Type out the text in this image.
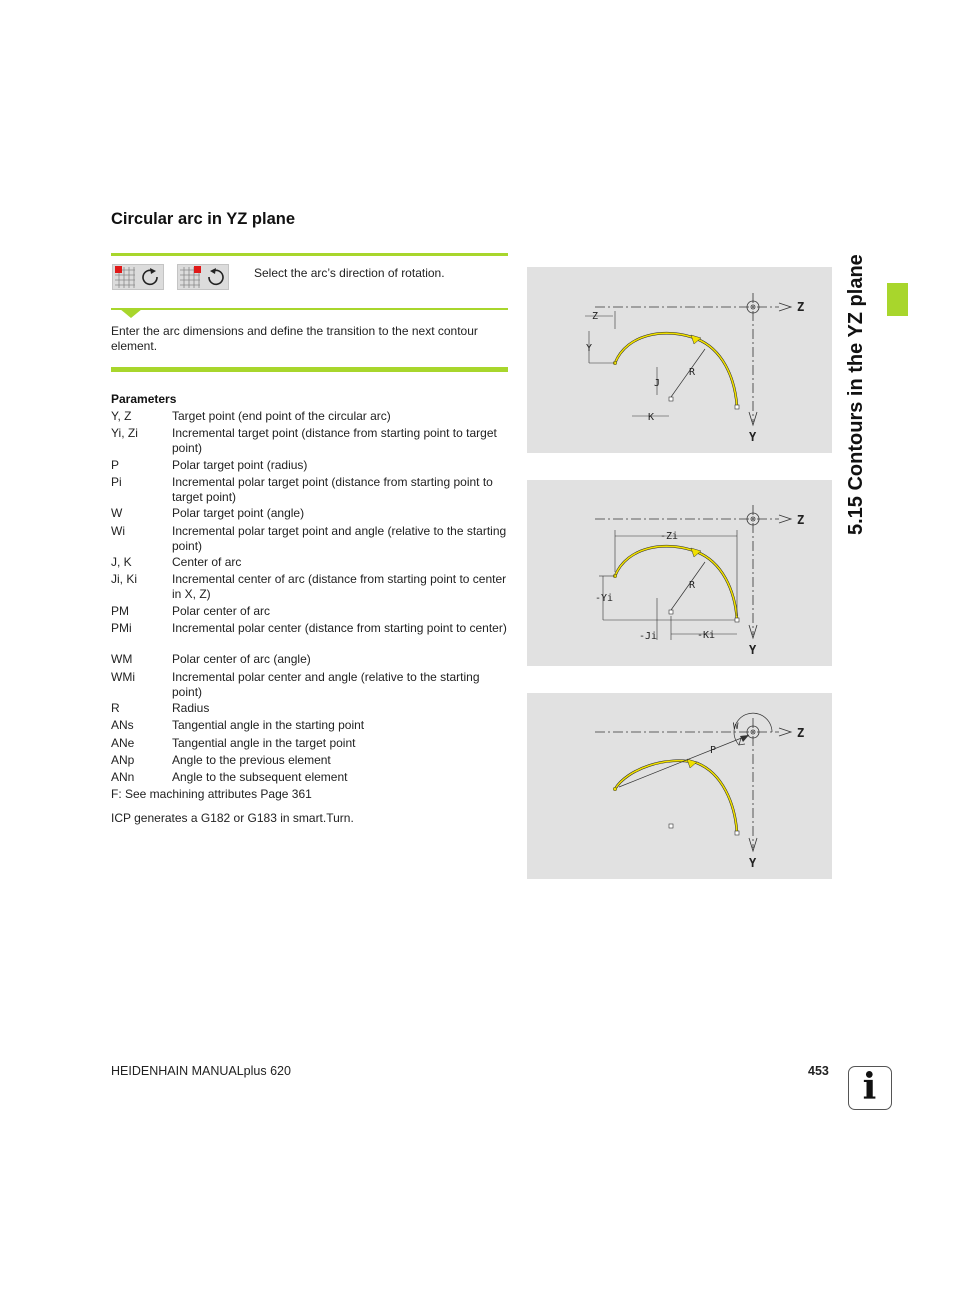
Circular arc in YZ plane
Select the arc’s direction of rotation.
Enter the arc dimensions and define the transition to the next contour element.
Parameters
Y, Z	Target point (end point of the circular arc)
Yi, Zi	Incremental target point (distance from starting point to target point)
P	Polar target point (radius)
Pi	Incremental polar target point (distance from starting point to target point)
W	Polar target point (angle)
Wi	Incremental polar target point and angle (relative to the starting point)
J, K	Center of arc
Ji, Ki	Incremental center of arc (distance from starting point to center in X, Z)
PM	Polar center of arc
PMi	Incremental polar center (distance from starting point to center)
WM	Polar center of arc (angle)
WMi	Incremental polar center and angle (relative to the starting point)
R	Radius
ANs	Tangential angle in the starting point
ANe	Tangential angle in the target point
ANp	Angle to the previous element
ANn	Angle to the subsequent element
F: See machining attributes Page 361
ICP generates a G182 or G183 in smart.Turn.
5.15 Contours in the YZ plane
Z
Y
R
Z
Y
J
K
Z
Y
R
-Zi
-Yi
-Ji	-Ki
Z
Y
P
W
HEIDENHAIN MANUALplus 620	453 i
